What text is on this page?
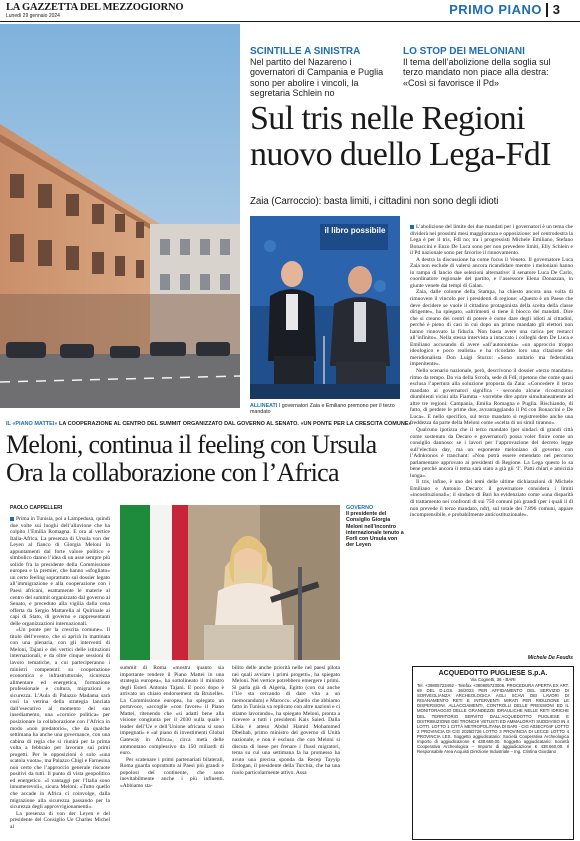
LA GAZZETTA DEL MEZZOGIORNO
Lunedì 29 gennaio 2024	PRIMO PIANO 3
SCINTILLE A SINISTRA
Nel partito del Nazareno i governatori di Campania e Puglia sono per abolire i vincoli, la segretaria Schlein no
LO STOP DEI MELONIANI
Il tema dell’abolizione della soglia sul terzo mandato non piace alla destra: «Così si favorisce il Pd»
Sul tris nelle Regioni
nuovo duello Lega-FdI
Zaia (Carroccio): basta limiti, i cittadini non sono degli idioti
il libro possibile
ALLINEATI I governatori Zaia e Emiliano premono per il terzo mandato

L’abolizione del limite dei due mandati per i governatori è un tema che dividerà nei prossimi mesi maggioranza e opposizione: nel centrodestra la Lega è per il tris, FdI no; tra i progressisti Michele Emiliano, Stefano Bonaccini e Enzo De Luca sono per non prevedere limiti, Elly Schlein e il Pd nazionale sono per favorire il rinnovamento.

A destra la discussione ha come focus il Veneto. Il governatore Luca Zaia non esclude di valersi ancora ricandidare mentre i meloniani hanno in rampa di lancio due selezioni alternative: il senatore Luca De Carlo, coordinatore regionale del partito, e l’assessore Elena Donazzan, in giunte venete dai tempi di Galan.

Zaia, dalle colonne della Stampa, ha chiesto ancora una volta di rimuovere il vincolo per i presidenti di regione: «Questo è un Paese che deve decidere se vuole il cittadino protagonista della scelta della classe dirigente», ha spiegato, «altrimenti si tiene il blocco dei mandati. Dire che si creano dei centri di potere è come dare degli idioti ai cittadini, perché è pieno di casi in cui dopo un primo mandato gli elettori non hanno rinnovato la fiducia. Non basta avere una carica per restarci all’infinito». Nella stessa intervista a intaccato i colleghi dem De Luca e Emiliano accusando di avere «all’autonomia» «un approccio troppo ideologico e poco realista» e ha ricordato loro una citazione del meridionalista Don Luigi Sturzo: «Sono unitario ma federalista impenitente».

Nello scenario nazionale, però, descrivono il dossier «terzo mandato» ritmo da tempo. Da via della Scrofa, sede di FdI, ripetono che come quasi esclusa l’apertura alla soluzione proposta da Zaia: «Concedere il terzo mandato ai governatori significa - secondo alcune ricostruzioni diumbienti vicini alla Fiamma - vorrebbe dire aprire simultaneamente ad altre tre regioni: Campania, Emilia Romagna e Puglia. Rischiando, di fatto, di perdere le prime due, avvantaggiando il Pd con Bonaccini e De Luca». E nello specifico, sul terzo mandato si registrerebbe anche una freddezza da parte della Meloni come «scelta di un simil tiranno».

Qualcuno ipotizza che il terzo mandato (per sindaci di grandi città come sostenuto da Decaro e governatori) possa voler finire come un consiglio dannoso: se i lavori per l’approvazione del decreto legge sull’election day, ma un esponente meloniano di governo con l’Adnkronos è tranchant: «Non potrà essere emendato nel percorso parlamentare approvato ai presidenti di Regione. La Lega questo lo sa bene perché ancora il tema sarà stato a già gli ‘I’. Patti chiari e amicizia lunga».

Il tris, infine, è uno dei temi delle ultime dichiarazioni di Michele Emiliano e Antonio Decaro: il governatore considera i limiti «incostituzionali»; il sindaco di Bari ha evidenziato come «una disparità di trattamento nei confronti di sui 750 comuni più grandi (per i quali il dl non prevede il terzo mandato, ndr), sul totale dei 7.896 comuni, appare incomprensibile, e probabilmente anticostituzionale».

Michele De Feudis
IL «PIANO MATTEI» LA COOPERAZIONE AL CENTRO DEL SUMMIT ORGANIZZATO DAL GOVERNO AL SENATO. «UN PONTE PER LA CRESCITA COMUNE»
Meloni, continua il feeling con Ursula
Ora la collaborazione con l’Africa
PAOLO CAPPELLERI

Prima in Tunisia, poi a Lampedusa, quindi due volte sui luoghi dell’alluvione che ha colpito l’Emilia Romagna. E ora al vertice Italia-Africa. La presenza di Ursula von der Leyen al fianco di Giorgia Meloni in appuntamenti dal forte valore politico e simbolico danno l’idea di un asse sempre più solido fra la presidente della Commissione europea e la premier, che hanno «sfogliato» un certo feeling soprattutto sul dossier legato all’immigrazione e alla cooperazione con i Paesi africani, esattamente le materie al centro del summit organizzato dal governo al Senato, e preceduto alla vigilia dalla cena offerta da Sergio Mattarella al Quirinale ai capi di Stato, di governo e rappresentanti delle organizzazioni internazionali.

«Un ponte per la crescita comune». Il titolo dell’evento, che si aprirà in mattinata con una plenaria, con gli interventi di Meloni, Tajani e dei vertici delle istituzioni internazionali, e da oltre cinque sessioni di lavoro tematiche, a cui parteciperanno i ministri competenti: su cooperazione economica e infrastrutturale, sicurezza alimentare ed energetica, formazione professionale e cultura, migrazioni e sicurezza. L’Aula di Palazzo Madama sarà così la vetrina della strategia lanciata dall’esecutivo al momento del suo insediamento, una «cornice politica» per posizionare la collaborazione con l’Africa in modo «non predatorio», che da qualche settimana ha anche una governance, con una cabina di regia che si riunirà per la prima volta a febbraio per lavorare sui primi progetti. Per le opposizioni è solo «una scatola vuota», ma Palazzo Chigi e Farnesina non certo che l’approccio generale riscuote positivi da tutti. Il punto di vista geopolitico ed energetico. «I vantaggi per l’Italia sono innumerevoli», sicura Meloni: «Tutto quello che accade in Africa ci coinvolge, dalla migrazione alla sicurezza passando per la sicurezza degli approvvigionamenti».

La presenza di von der Leyen e del presidente del Consiglio Ue Charles Michel al

GOVERNO
Il presidente del Consiglio Giorgia Meloni nell’incontro internazionale tenuto a Forlì con Ursula von der Leyen

summit di Roma «mostra quanto sia importante rendere il Piano Mattei in una strategia europea», ha sottolineato il ministro degli Esteri Antonio Tajani. E poco dopo è arrivato un chiaro endorsement da Bruxelles. La Commissione europea, ha spiegato un portavoce, «accoglie «con favore» il Piano Mattei, ritenendo che «si adatti bene alla visione congiunta per il 2030 sulla quale i leader dell’Ue e dell’Unione africana si sono impegnati» e «al piano di investimenti Global Gateway in Africa», circa metà delle ammontano complessivo da 150 miliardi di euro.

Per scatenare i primi partenariati bilaterali, Roma guarda soprattutto ai Paesi più grandi e popolosi del continente, che sono inevitabilmente anche i più influenti. «Abbiamo sta-

bilito delle anche priorità nelle nel paesi pilota nei quali avviare i primi progetti», ha spiegato Meloni. Nel vertice potrebbero emergere i primi. Si parla già di Algeria, Egitto (con cui anche l’Ue sta cercando di dare vita a un memorandum) e Marocco. «Quello che abbiamo fatto in Tunisia va replicato con altre nazioni e ci stiamo lavorando», ha spiegato Meloni, pronta a ricevere a tutti i presidenti Kais Saied. Dalla Libia è atteso Abdul Hamid Mohammed Dbeibah, primo ministro del governo di Unità nazionale, e non è escluso che con Meloni si discuta di inese per frenare i flussi migratori, tema su cui una settimana fa ha promesso ha avuto una precisa sponda da Recep Tayyip Erdogan, il presidente della Turchia, che ha una ruolo particolarmente attivo. Assa

ACQUEDOTTO PUGLIESE S.p.A.
Via Cognetti, 36 - BARI
Tel. +39805723492 - Telefax +390805723006. PROCEDURA APERTA EX ART. 69 DEL D.LGS. 36/2023 PER AFFIDAMENTO DEL SERVIZIO DI SORVEGLIANZA ARCHEOLOGICA AGLI SCAVI DEI LAVORI DI RISANAMENTO RETI E INTERVENTI MIRATI PER RIDUZIONE LE DISPERSIONI. ALLACCIAMENTI, CONTROLLI DELLE PRESSIONI ED IL MONITORAGGIO DELLE GRANDEZZE IDRAULICHE NELLE RETI IDRICHE DEL TERRITORIO SERVITO DALL’ACQUEDOTTO PUGLIESE E DISTRIBUZIONE DEI TRONCHI VETUSTI ED AMMALORATI SUDDIVISO IN 4 LOTTI. LOTTO 1 CITTÀ METROPOLITANA DI BARI - CIG A03ECF04F LOTTO 2 PROVINCIA DI CIG 2025D726 LOTTO 3 PROVINCIA DI LECCE LOTTO 4 PROVINCIA LES. Soggetto aggiudicatario: Società Cooperativa Archeologica Importo di aggiudicazione € 438.660,00. Soggetto aggiudicatario: Società Cooperativa Archeologica – Importo di aggiudicazione € 438.660,00. Il Responsabile Area Acquisti Direzione Industriale – Ing. Cristina Giordano
